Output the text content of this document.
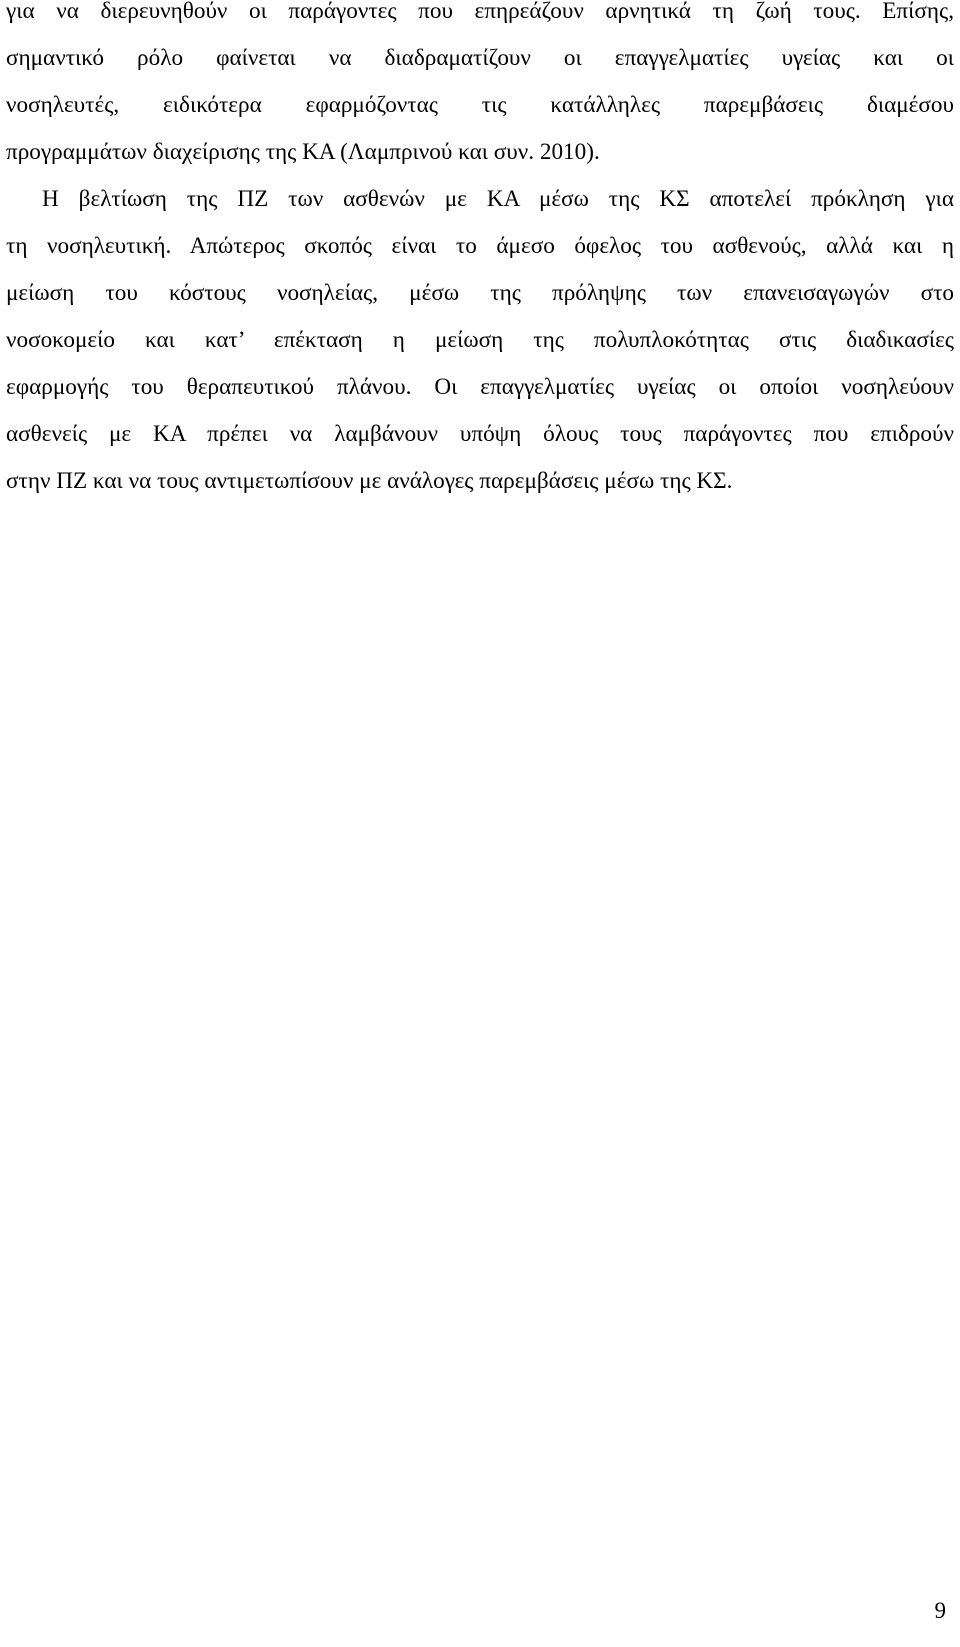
για να διερευνηθούν οι παράγοντες που επηρεάζουν αρνητικά τη ζωή τους. Επίσης,
σημαντικό ρόλο φαίνεται να διαδραματίζουν οι επαγγελματίες υγείας και οι
νοσηλευτές, ειδικότερα εφαρμόζοντας τις κατάλληλες παρεμβάσεις διαμέσου
προγραμμάτων διαχείρισης της ΚΑ (Λαμπρινού και συν. 2010).
Η βελτίωση της ΠΖ των ασθενών με ΚΑ μέσω της ΚΣ αποτελεί πρόκληση για
τη νοσηλευτική. Απώτερος σκοπός είναι το άμεσο όφελος του ασθενούς, αλλά και η
μείωση του κόστους νοσηλείας, μέσω της πρόληψης των επανεισαγωγών στο
νοσοκομείο και κατ’ επέκταση η μείωση της πολυπλοκότητας στις διαδικασίες
εφαρμογής του θεραπευτικού πλάνου. Οι επαγγελματίες υγείας οι οποίοι νοσηλεύουν
ασθενείς με ΚΑ πρέπει να λαμβάνουν υπόψη όλους τους παράγοντες που επιδρούν
στην ΠΖ και να τους αντιμετωπίσουν με ανάλογες παρεμβάσεις μέσω της ΚΣ.
9
